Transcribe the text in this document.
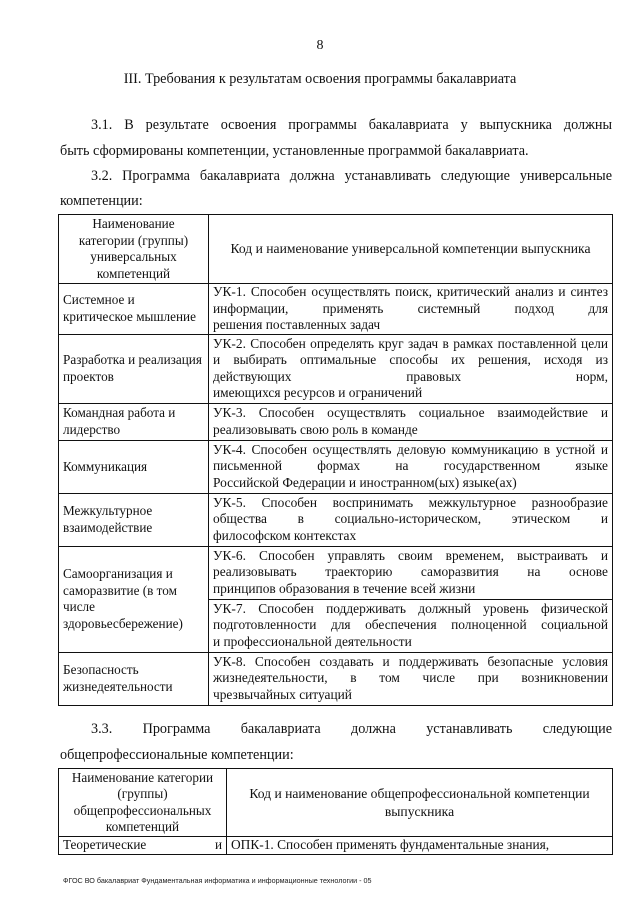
8
III. Требования к результатам освоения программы бакалавриата
3.1. В результате освоения программы бакалавриата у выпускника должны
быть сформированы компетенции, установленные программой бакалавриата.
3.2. Программа бакалавриата должна устанавливать следующие универсальные
компетенции:
Наименование категории (группы) универсальных компетенций	Код и наименование универсальной компетенции выпускника
Системное и критическое мышление	УК-1. Способен осуществлять поиск, критический анализ и синтез информации, применять системный подход для
решения поставленных задач

Разработка и реализация проектов	УК-2. Способен определять круг задач в рамках поставленной цели и выбирать оптимальные способы их решения, исходя из действующих правовых норм,
имеющихся ресурсов и ограничений

Командная работа и лидерство	УК-3. Способен осуществлять социальное взаимодействие и
реализовывать свою роль в команде

Коммуникация	УК-4. Способен осуществлять деловую коммуникацию в устной и письменной формах на государственном языке
Российской Федерации и иностранном(ых) языке(ах)

Межкультурное взаимодействие	УК-5. Способен воспринимать межкультурное разнообразие общества в социально-историческом, этическом и
философском контекстах

Самоорганизация и саморазвитие (в том числе здоровьесбережение)	УК-6. Способен управлять своим временем, выстраивать и реализовывать траекторию саморазвития на основе
принципов образования в течение всей жизни

	УК-7. Способен поддерживать должный уровень физической подготовленности для обеспечения полноценной социальной
и профессиональной деятельности

Безопасность жизнедеятельности	УК-8. Способен создавать и поддерживать безопасные условия жизнедеятельности, в том числе при возникновении
чрезвычайных ситуаций
3.3. Программа бакалавриата должна устанавливать следующие
общепрофессиональные компетенции:
Наименование категории (группы) общепрофессиональных компетенций	Код и наименование общепрофессиональной компетенции выпускника
Теоретические и	ОПК-1. Способен применять фундаментальные знания,
ФГОС ВО бакалавриат Фундаментальная информатика и информационные технологии - 05
